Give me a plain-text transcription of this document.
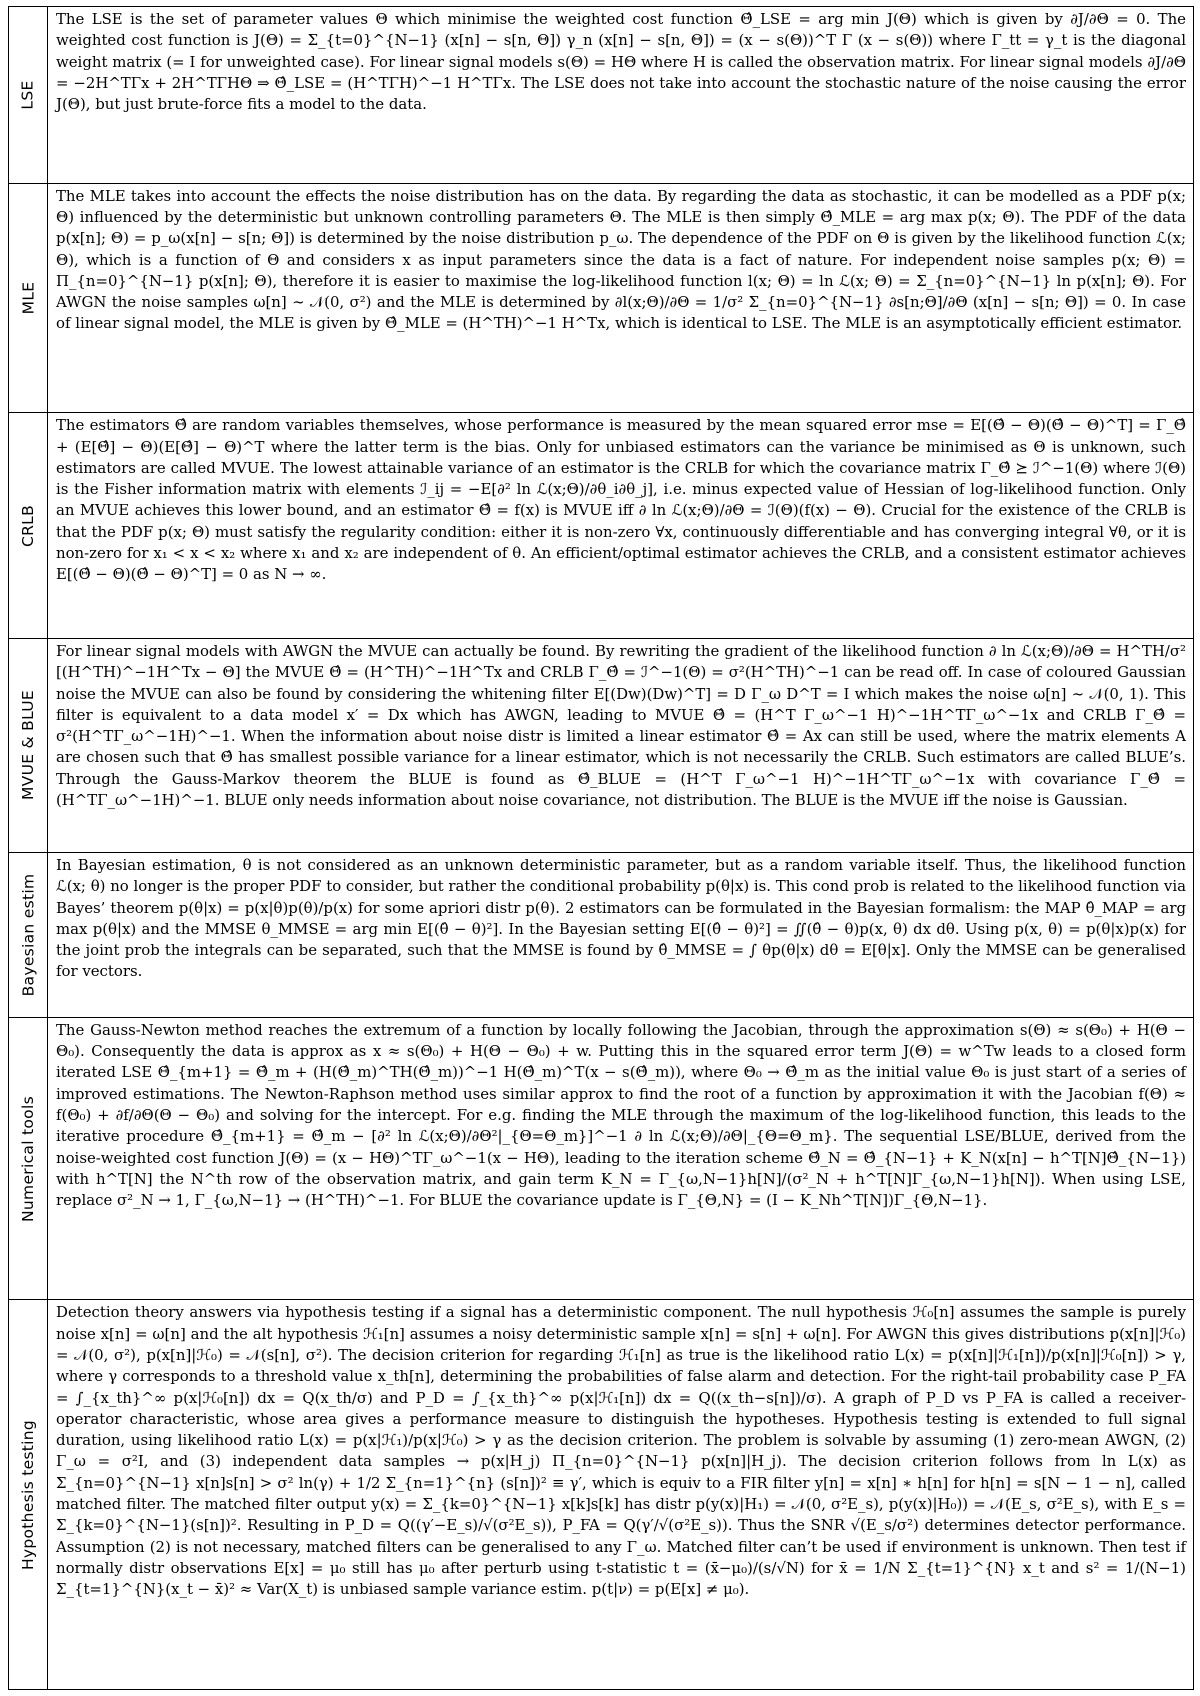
LSE
The LSE is the set of parameter values Θ which minimise the weighted cost function Θ̂_LSE = arg min J(Θ) which is given by ∂J/∂Θ = 0. The weighted cost function is J(Θ) = Σ_{t=0}^{N−1} (x[n] − s[n, Θ]) γ_n (x[n] − s[n, Θ]) = (x − s(Θ))^T Γ (x − s(Θ)) where Γ_tt = γ_t is the diagonal weight matrix (= I for unweighted case). For linear signal models s(Θ) = HΘ where H is called the observation matrix. For linear signal models ∂J/∂Θ = −2H^TΓx + 2H^TΓHΘ ⇒ Θ̂_LSE = (H^TΓH)^−1 H^TΓx. The LSE does not take into account the stochastic nature of the noise causing the error J(Θ), but just brute-force fits a model to the data.
MLE
The MLE takes into account the effects the noise distribution has on the data. By regarding the data as stochastic, it can be modelled as a PDF p(x; Θ) influenced by the deterministic but unknown controlling parameters Θ. The MLE is then simply Θ̂_MLE = arg max p(x; Θ). The PDF of the data p(x[n]; Θ) = p_ω(x[n] − s[n; Θ]) is determined by the noise distribution p_ω. The dependence of the PDF on Θ is given by the likelihood function ℒ(x; Θ), which is a function of Θ and considers x as input parameters since the data is a fact of nature. For independent noise samples p(x; Θ) = Π_{n=0}^{N−1} p(x[n]; Θ), therefore it is easier to maximise the log-likelihood function l(x; Θ) = ln ℒ(x; Θ) = Σ_{n=0}^{N−1} ln p(x[n]; Θ). For AWGN the noise samples ω[n] ∼ 𝒩(0, σ²) and the MLE is determined by ∂l(x;Θ)/∂Θ = 1/σ² Σ_{n=0}^{N−1} ∂s[n;Θ]/∂Θ (x[n] − s[n; Θ]) = 0. In case of linear signal model, the MLE is given by Θ̂_MLE = (H^TH)^−1 H^Tx, which is identical to LSE. The MLE is an asymptotically efficient estimator.
CRLB
The estimators Θ̂ are random variables themselves, whose performance is measured by the mean squared error mse = E[(Θ̂ − Θ)(Θ̂ − Θ)^T] = Γ_Θ̂ + (E[Θ̂] − Θ)(E[Θ̂] − Θ)^T where the latter term is the bias. Only for unbiased estimators can the variance be minimised as Θ is unknown, such estimators are called MVUE. The lowest attainable variance of an estimator is the CRLB for which the covariance matrix Γ_Θ̂ ⪰ ℐ^−1(Θ) where ℐ(Θ) is the Fisher information matrix with elements ℐ_ij = −E[∂² ln ℒ(x;Θ)/∂θ_i∂θ_j], i.e. minus expected value of Hessian of log-likelihood function. Only an MVUE achieves this lower bound, and an estimator Θ̂ = f(x) is MVUE iff ∂ ln ℒ(x;Θ)/∂Θ = ℐ(Θ)(f(x) − Θ). Crucial for the existence of the CRLB is that the PDF p(x; Θ) must satisfy the regularity condition: either it is non-zero ∀x, continuously differentiable and has converging integral ∀θ, or it is non-zero for x₁ < x < x₂ where x₁ and x₂ are independent of θ. An efficient/optimal estimator achieves the CRLB, and a consistent estimator achieves E[(Θ̂ − Θ)(Θ̂ − Θ)^T] = 0 as N → ∞.
MVUE & BLUE
For linear signal models with AWGN the MVUE can actually be found. By rewriting the gradient of the likelihood function ∂ ln ℒ(x;Θ)/∂Θ = H^TH/σ² [(H^TH)^−1H^Tx − Θ] the MVUE Θ̂ = (H^TH)^−1H^Tx and CRLB Γ_Θ̂ = ℐ^−1(Θ) = σ²(H^TH)^−1 can be read off. In case of coloured Gaussian noise the MVUE can also be found by considering the whitening filter E[(Dw)(Dw)^T] = D Γ_ω D^T = I which makes the noise ω[n] ∼ 𝒩(0, 1). This filter is equivalent to a data model x′ = Dx which has AWGN, leading to MVUE Θ̂ = (H^T Γ_ω^−1 H)^−1H^TΓ_ω^−1x and CRLB Γ_Θ̂ = σ²(H^TΓ_ω^−1H)^−1. When the information about noise distr is limited a linear estimator Θ̂ = Ax can still be used, where the matrix elements A are chosen such that Θ̂ has smallest possible variance for a linear estimator, which is not necessarily the CRLB. Such estimators are called BLUE’s. Through the Gauss-Markov theorem the BLUE is found as Θ̂_BLUE = (H^T Γ_ω^−1 H)^−1H^TΓ_ω^−1x with covariance Γ_Θ̂ = (H^TΓ_ω^−1H)^−1. BLUE only needs information about noise covariance, not distribution. The BLUE is the MVUE iff the noise is Gaussian.
Bayesian estim
In Bayesian estimation, θ is not considered as an unknown deterministic parameter, but as a random variable itself. Thus, the likelihood function ℒ(x; θ) no longer is the proper PDF to consider, but rather the conditional probability p(θ|x) is. This cond prob is related to the likelihood function via Bayes’ theorem p(θ|x) = p(x|θ)p(θ)/p(x) for some apriori distr p(θ). 2 estimators can be formulated in the Bayesian formalism: the MAP θ̂_MAP = arg max p(θ|x) and the MMSE θ_MMSE = arg min E[(θ̂ − θ)²]. In the Bayesian setting E[(θ̂ − θ)²] = ∬(θ̂ − θ)p(x, θ) dx dθ. Using p(x, θ) = p(θ|x)p(x) for the joint prob the integrals can be separated, such that the MMSE is found by θ̂_MMSE = ∫ θp(θ|x) dθ = E[θ|x]. Only the MMSE can be generalised for vectors.
Numerical tools
The Gauss-Newton method reaches the extremum of a function by locally following the Jacobian, through the approximation s(Θ) ≈ s(Θ₀) + H(Θ − Θ₀). Consequently the data is approx as x ≈ s(Θ₀) + H(Θ − Θ₀) + w. Putting this in the squared error term J(Θ) = w^Tw leads to a closed form iterated LSE Θ̂_{m+1} = Θ̂_m + (H(Θ̂_m)^TH(Θ̂_m))^−1 H(Θ̂_m)^T(x − s(Θ̂_m)), where Θ₀ → Θ̂_m as the initial value Θ₀ is just start of a series of improved estimations. The Newton-Raphson method uses similar approx to find the root of a function by approximation it with the Jacobian f(Θ) ≈ f(Θ₀) + ∂f/∂Θ(Θ − Θ₀) and solving for the intercept. For e.g. finding the MLE through the maximum of the log-likelihood function, this leads to the iterative procedure Θ̂_{m+1} = Θ̂_m − [∂² ln ℒ(x;Θ)/∂Θ²|_{Θ=Θ_m}]^−1 ∂ ln ℒ(x;Θ)/∂Θ|_{Θ=Θ_m}. The sequential LSE/BLUE, derived from the noise-weighted cost function J(Θ) = (x − HΘ)^TΓ_ω^−1(x − HΘ), leading to the iteration scheme Θ̂_N = Θ̂_{N−1} + K_N(x[n] − h^T[N]Θ̂_{N−1}) with h^T[N] the N^th row of the observation matrix, and gain term K_N = Γ_{ω,N−1}h[N]/(σ²_N + h^T[N]Γ_{ω,N−1}h[N]). When using LSE, replace σ²_N → 1, Γ_{ω,N−1} → (H^TH)^−1. For BLUE the covariance update is Γ_{Θ,N} = (I − K_Nh^T[N])Γ_{Θ,N−1}.
Hypothesis testing
Detection theory answers via hypothesis testing if a signal has a deterministic component. The null hypothesis ℋ₀[n] assumes the sample is purely noise x[n] = ω[n] and the alt hypothesis ℋ₁[n] assumes a noisy deterministic sample x[n] = s[n] + ω[n]. For AWGN this gives distributions p(x[n]|ℋ₀) = 𝒩(0, σ²), p(x[n]|ℋ₀) = 𝒩(s[n], σ²). The decision criterion for regarding ℋ₁[n] as true is the likelihood ratio L(x) = p(x[n]|ℋ₁[n])/p(x[n]|ℋ₀[n]) > γ, where γ corresponds to a threshold value x_th[n], determining the probabilities of false alarm and detection. For the right-tail probability case P_FA = ∫_{x_th}^∞ p(x|ℋ₀[n]) dx = Q(x_th/σ) and P_D = ∫_{x_th}^∞ p(x|ℋ₁[n]) dx = Q((x_th−s[n])/σ). A graph of P_D vs P_FA is called a receiver-operator characteristic, whose area gives a performance measure to distinguish the hypotheses. Hypothesis testing is extended to full signal duration, using likelihood ratio L(x) = p(x|ℋ₁)/p(x|ℋ₀) > γ as the decision criterion. The problem is solvable by assuming (1) zero-mean AWGN, (2) Γ_ω = σ²I, and (3) independent data samples → p(x|H_j) Π_{n=0}^{N−1} p(x[n]|H_j). The decision criterion follows from ln L(x) as Σ_{n=0}^{N−1} x[n]s[n] > σ² ln(γ) + 1/2 Σ_{n=1}^{n} (s[n])² ≡ γ′, which is equiv to a FIR filter y[n] = x[n] ∗ h[n] for h[n] = s[N − 1 − n], called matched filter. The matched filter output y(x) = Σ_{k=0}^{N−1} x[k]s[k] has distr p(y(x)|H₁) = 𝒩(0, σ²E_s), p(y(x)|H₀)) = 𝒩(E_s, σ²E_s), with E_s = Σ_{k=0}^{N−1}(s[n])². Resulting in P_D = Q((γ′−E_s)/√(σ²E_s)), P_FA = Q(γ′/√(σ²E_s)). Thus the SNR √(E_s/σ²) determines detector performance. Assumption (2) is not necessary, matched filters can be generalised to any Γ_ω. Matched filter can’t be used if environment is unknown. Then test if normally distr observations E[x] = μ₀ still has μ₀ after perturb using t-statistic t = (x̄−μ₀)/(s/√N) for x̄ = 1/N Σ_{t=1}^{N} x_t and s² = 1/(N−1) Σ_{t=1}^{N}(x_t − x̄)² ≈ Var(X_t) is unbiased sample variance estim. p(t|ν) = p(E[x] ≠ μ₀).
